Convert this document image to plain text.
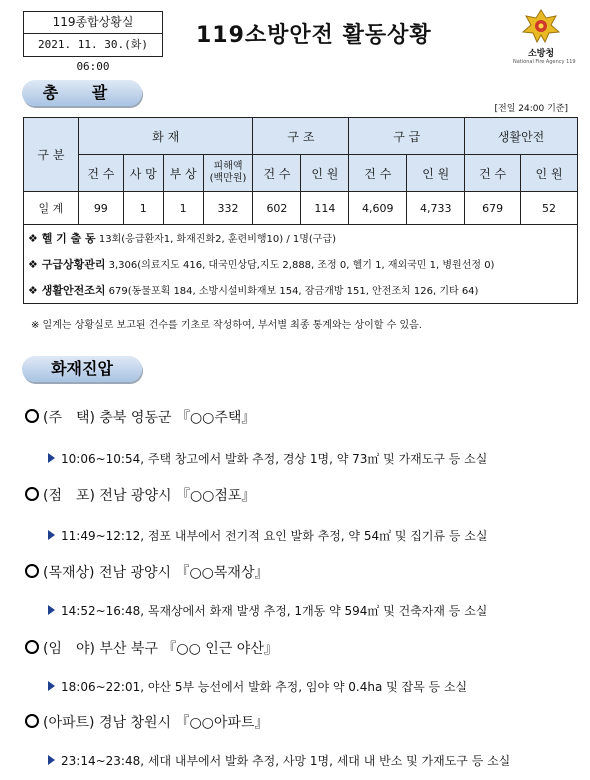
119종합상황실
2021. 11. 30.(화) 06:00
119소방안전 활동상황
소방청
National Fire Agency 119
총 괄
[전일 24:00 기준]
구 분	화 재				구 조		구 급		생활안전	
	건 수	사 망	부 상	피해액
(백만원)	건 수	인 원	건 수	인 원	건 수	인 원
일 계	99	1	1	332	602	114	4,609	4,733	679	52
❖ 헬 기 출 동 13회(응급환자1, 화재진화2, 훈련비행10) / 1명(구급)										
❖ 구급상황관리 3,306(의료지도 416, 대국민상담,지도 2,888, 조정 0, 헬기 1, 재외국민 1, 병원선정 0)										
❖ 생활안전조치 679(동물포획 184, 소방시설비화재보 154, 잠금개방 151, 안전조치 126, 기타 64)										
※ 일계는 상황실로 보고된 건수를 기초로 작성하여, 부서별 최종 통계와는 상이할 수 있음.
화재진압
(주　택) 충북 영동군 『○○주택』
10:06~10:54, 주택 창고에서 발화 추정, 경상 1명, 약 73㎡ 및 가재도구 등 소실
(점　포) 전남 광양시 『○○점포』
11:49~12:12, 점포 내부에서 전기적 요인 발화 추정, 약 54㎡ 및 집기류 등 소실
(목재상) 전남 광양시 『○○목재상』
14:52~16:48, 목재상에서 화재 발생 추정, 1개동 약 594㎡ 및 건축자재 등 소실
(임　야) 부산 북구 『○○ 인근 야산』
18:06~22:01, 야산 5부 능선에서 발화 추정, 임야 약 0.4ha 및 잡목 등 소실
(아파트) 경남 창원시 『○○아파트』
23:14~23:48, 세대 내부에서 발화 추정, 사망 1명, 세대 내 반소 및 가재도구 등 소실
